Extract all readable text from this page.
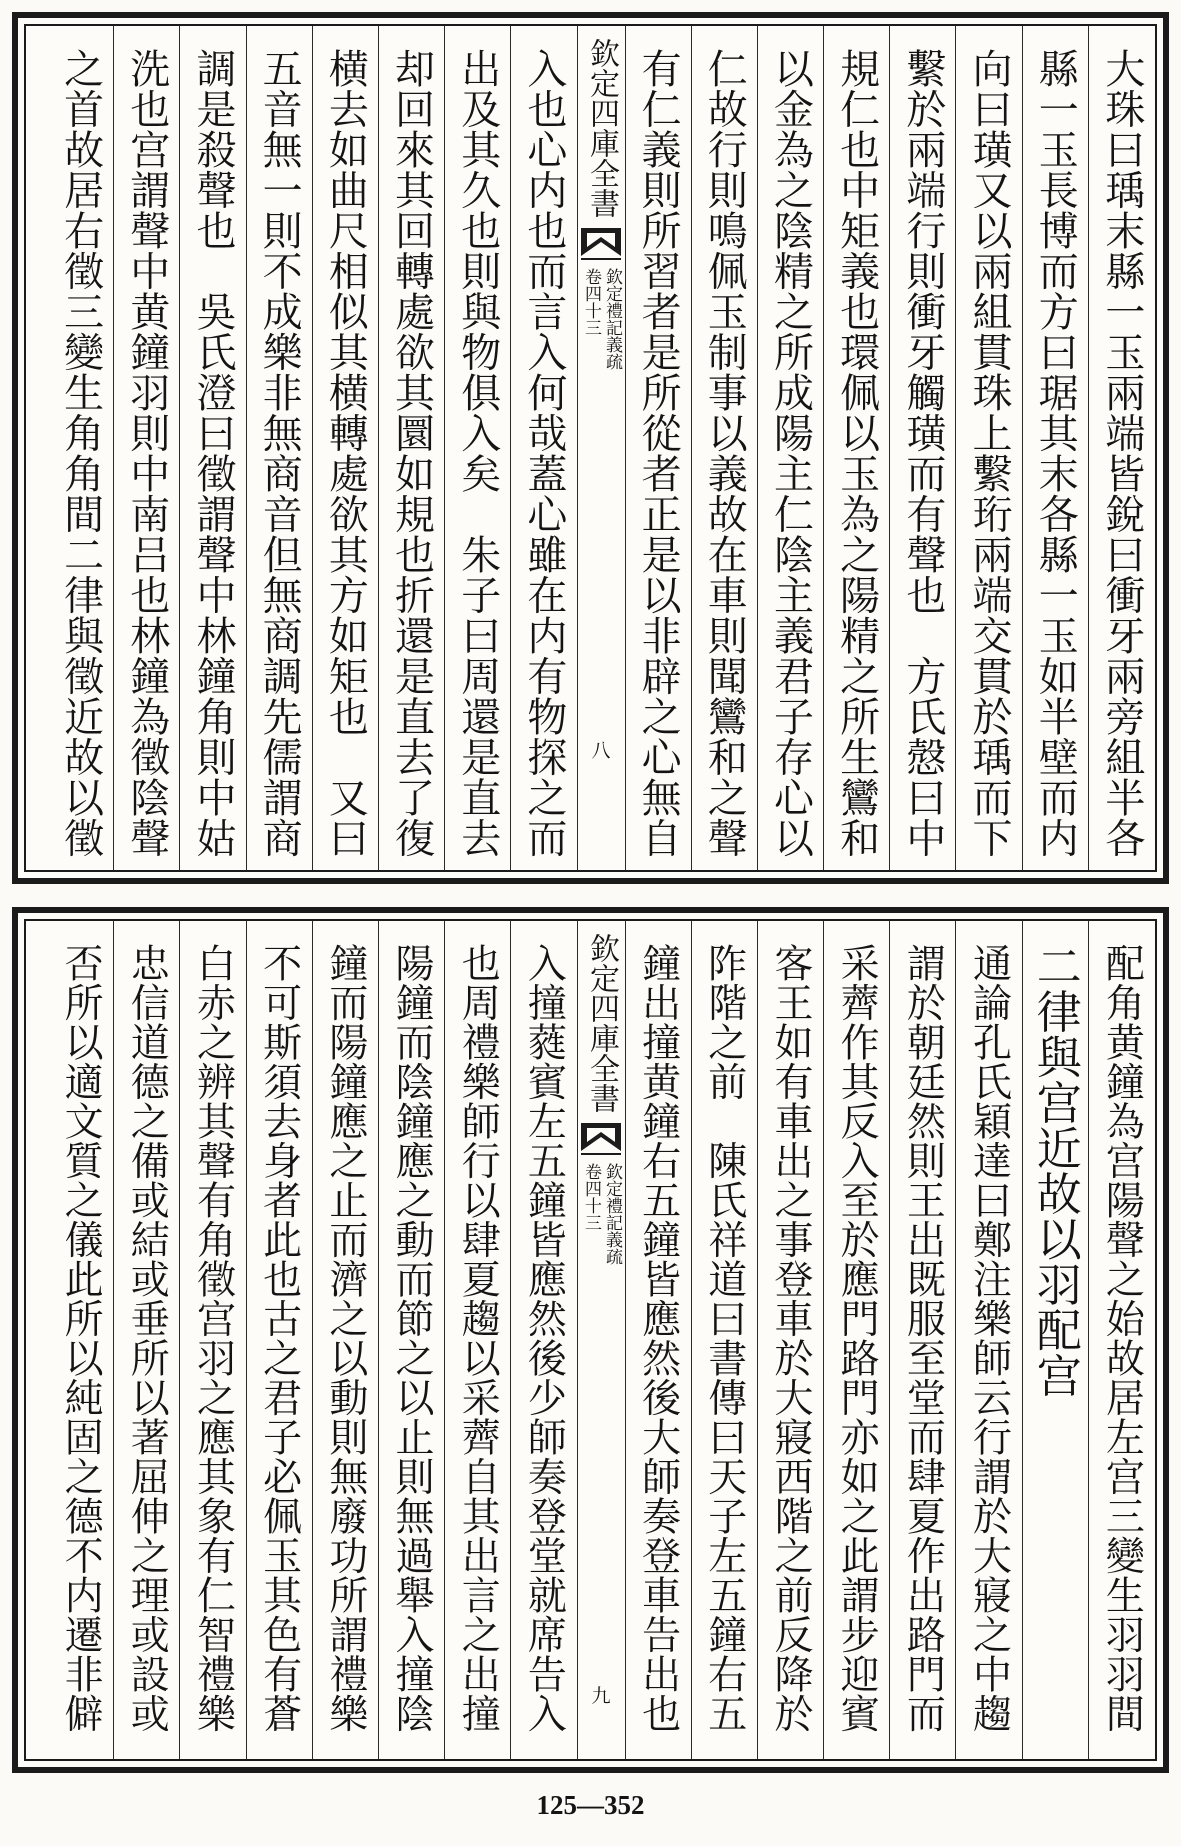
大珠曰瑀末縣一玉兩端皆銳曰衝牙兩旁組半各
縣一玉長博而方曰琚其末各縣一玉如半壁而内
向曰璜又以兩組貫珠上繫珩兩端交貫於瑀而下
繫於兩端行則衝牙觸璜而有聲也　方氏慤曰中
規仁也中矩義也環佩以玉為之陽精之所生鸞和
以金為之陰精之所成陽主仁陰主義君子存心以
仁故行則鳴佩玉制事以義故在車則聞鸞和之聲
有仁義則所習者是所從者正是以非辟之心無自
欽定四庫全書
欽定禮記義疏
卷四十三
八
入也心内也而言入何哉蓋心雖在内有物探之而
出及其久也則與物俱入矣　朱子曰周還是直去
却回來其回轉處欲其圜如規也折還是直去了復
横去如曲尺相似其横轉處欲其方如矩也　又曰
五音無一則不成樂非無商音但無商調先儒謂商
調是殺聲也　吳氏澄曰徵謂聲中林鐘角則中姑
洗也宫謂聲中黄鐘羽則中南吕也林鐘為徵陰聲
之首故居右徵三變生角角間二律與徵近故以徵
配角黄鐘為宫陽聲之始故居左宫三變生羽羽間
二律與宫近故以羽配宫
通論孔氏穎達曰鄭注樂師云行謂於大寢之中趨
謂於朝廷然則王出既服至堂而肆夏作出路門而
采薺作其反入至於應門路門亦如之此謂步迎賓
客王如有車出之事登車於大寢西階之前反降於
阼階之前　陳氏祥道曰書傳曰天子左五鐘右五
鐘出撞黄鐘右五鐘皆應然後大師奏登車告出也
欽定四庫全書
欽定禮記義疏
卷四十三
九
入撞蕤賓左五鐘皆應然後少師奏登堂就席告入
也周禮樂師行以肆夏趨以采薺自其出言之出撞
陽鐘而陰鐘應之動而節之以止則無過舉入撞陰
鐘而陽鐘應之止而濟之以動則無廢功所謂禮樂
不可斯須去身者此也古之君子必佩玉其色有蒼
白赤之辨其聲有角徵宫羽之應其象有仁智禮樂
忠信道德之備或結或垂所以著屈伸之理或設或
否所以適文質之儀此所以純固之德不内遷非僻
125—352
